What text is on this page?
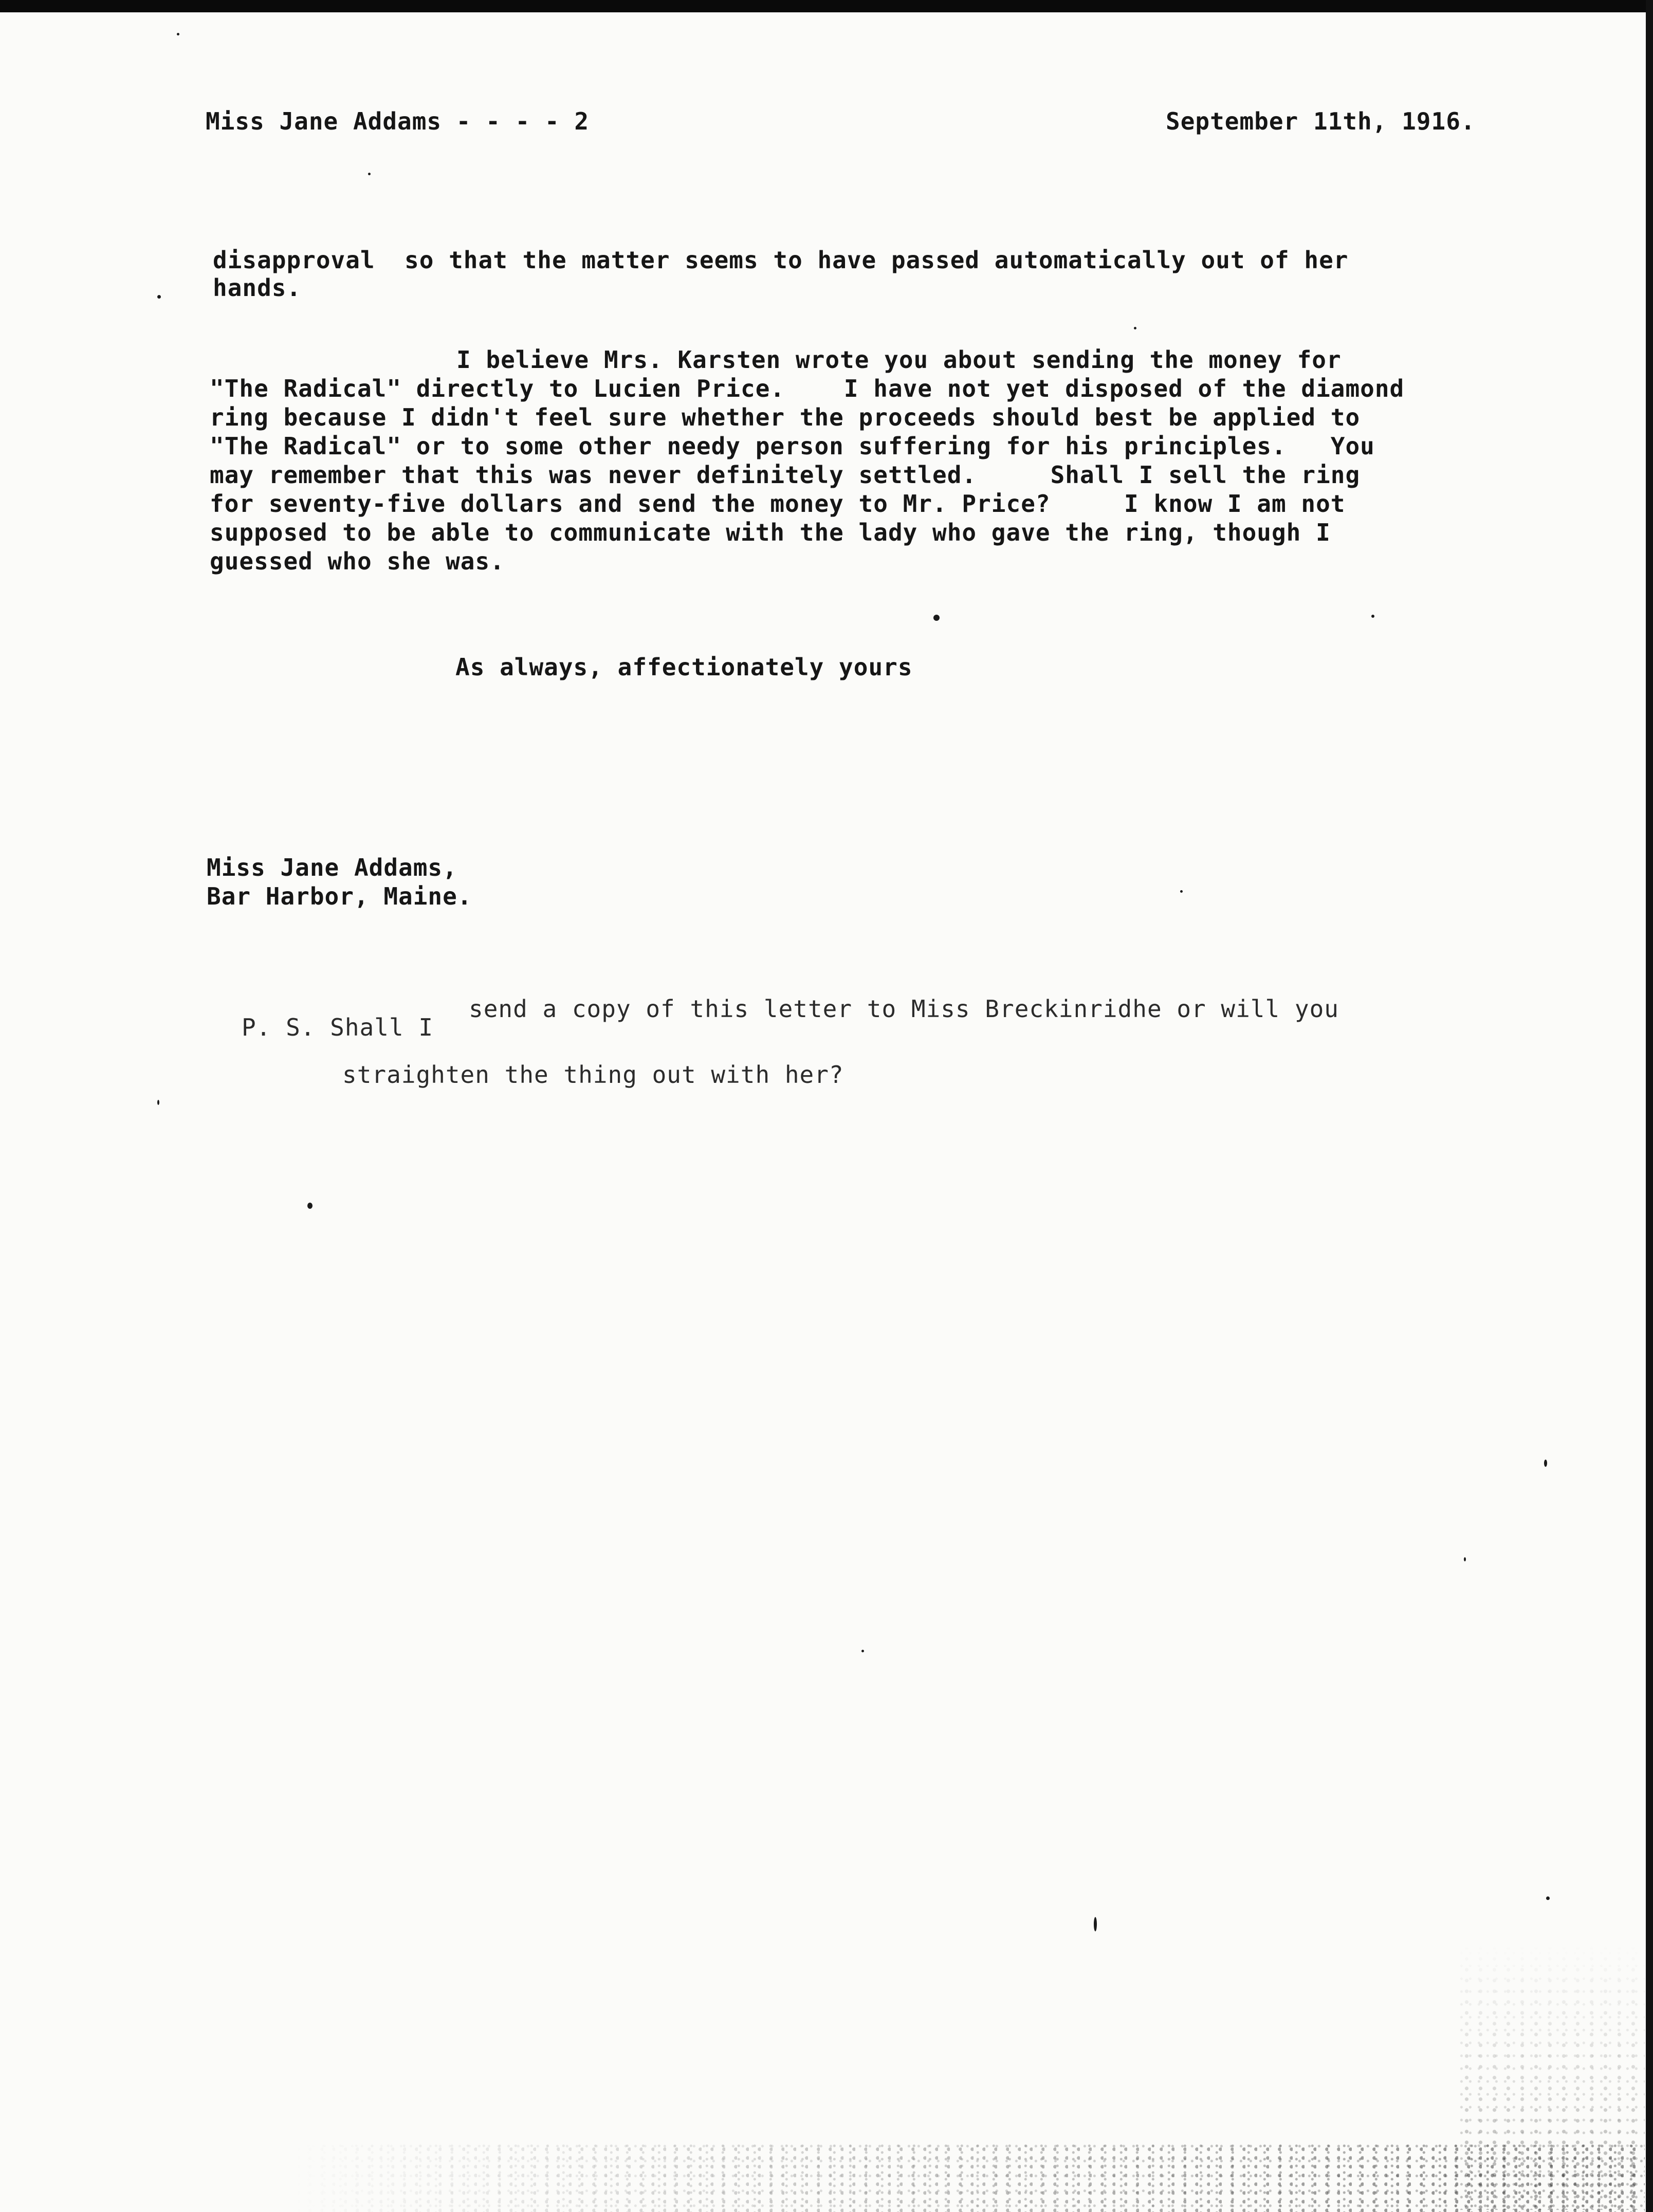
Miss Jane Addams - - - - 2	September 11th, 1916.
disapproval  so that the matter seems to have passed automatically out of her
hands.
I believe Mrs. Karsten wrote you about sending the money for
"The Radical" directly to Lucien Price.    I have not yet disposed of the diamond
ring because I didn't feel sure whether the proceeds should best be applied to
"The Radical" or to some other needy person suffering for his principles.   You
may remember that this was never definitely settled.     Shall I sell the ring
for seventy-five dollars and send the money to Mr. Price?     I know I am not
supposed to be able to communicate with the lady who gave the ring, though I
guessed who she was.
As always, affectionately yours
Miss Jane Addams,
Bar Harbor, Maine.
P. S. Shall I
send a copy of this letter to Miss Breckinridhe or will you
straighten the thing out with her?
